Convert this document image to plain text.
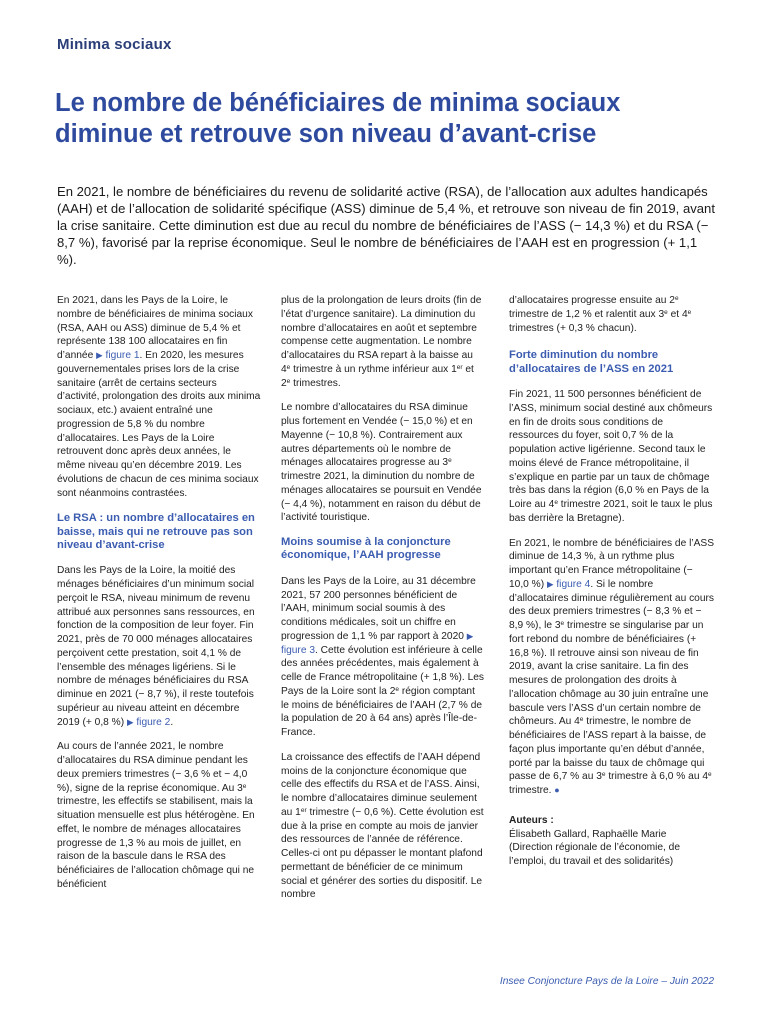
Minima sociaux
Le nombre de bénéficiaires de minima sociaux diminue et retrouve son niveau d’avant-crise

En 2021, le nombre de bénéficiaires du revenu de solidarité active (RSA), de l’allocation aux adultes handicapés (AAH) et de l’allocation de solidarité spécifique (ASS) diminue de 5,4 %, et retrouve son niveau de fin 2019, avant la crise sanitaire. Cette diminution est due au recul du nombre de bénéficiaires de l’ASS (− 14,3 %) et du RSA (− 8,7 %), favorisé par la reprise économique. Seul le nombre de bénéficiaires de l’AAH est en progression (+ 1,1 %).

En 2021, dans les Pays de la Loire, le nombre de bénéficiaires de minima sociaux (RSA, AAH ou ASS) diminue de 5,4 % et représente 138 100 allocataires en fin d’année ▶ figure 1. En 2020, les mesures gouvernementales prises lors de la crise sanitaire (arrêt de certains secteurs d’activité, prolongation des droits aux minima sociaux, etc.) avaient entraîné une progression de 5,8 % du nombre d’allocataires. Les Pays de la Loire retrouvent donc après deux années, le même niveau qu’en décembre 2019. Les évolutions de chacun de ces minima sociaux sont néanmoins contrastées.

Le RSA : un nombre d’allocataires en baisse, mais qui ne retrouve pas son niveau d’avant-crise

Dans les Pays de la Loire, la moitié des ménages bénéficiaires d’un minimum social perçoit le RSA, niveau minimum de revenu attribué aux personnes sans ressources, en fonction de la composition de leur foyer. Fin 2021, près de 70 000 ménages allocataires perçoivent cette prestation, soit 4,1 % de l’ensemble des ménages ligériens. Si le nombre de ménages bénéficiaires du RSA diminue en 2021 (− 8,7 %), il reste toutefois supérieur au niveau atteint en décembre 2019 (+ 0,8 %) ▶ figure 2.

Au cours de l’année 2021, le nombre d’allocataires du RSA diminue pendant les deux premiers trimestres (− 3,6 % et − 4,0 %), signe de la reprise économique. Au 3e trimestre, les effectifs se stabilisent, mais la situation mensuelle est plus hétérogène. En effet, le nombre de ménages allocataires progresse de 1,3 % au mois de juillet, en raison de la bascule dans le RSA des bénéficiaires de l’allocation chômage qui ne bénéficient

plus de la prolongation de leurs droits (fin de l’état d’urgence sanitaire). La diminution du nombre d’allocataires en août et septembre compense cette augmentation. Le nombre d’allocataires du RSA repart à la baisse au 4e trimestre à un rythme inférieur aux 1er et 2e trimestres.

Le nombre d’allocataires du RSA diminue plus fortement en Vendée (− 15,0 %) et en Mayenne (− 10,8 %). Contrairement aux autres départements où le nombre de ménages allocataires progresse au 3e trimestre 2021, la diminution du nombre de ménages allocataires se poursuit en Vendée (− 4,4 %), notamment en raison du début de l’activité touristique.

Moins soumise à la conjoncture économique, l’AAH progresse

Dans les Pays de la Loire, au 31 décembre 2021, 57 200 personnes bénéficient de l’AAH, minimum social soumis à des conditions médicales, soit un chiffre en progression de 1,1 % par rapport à 2020 ▶ figure 3. Cette évolution est inférieure à celle des années précédentes, mais également à celle de France métropolitaine (+ 1,8 %). Les Pays de la Loire sont la 2e région comptant le moins de bénéficiaires de l’AAH (2,7 % de la population de 20 à 64 ans) après l’Île-de-France.

La croissance des effectifs de l’AAH dépend moins de la conjoncture économique que celle des effectifs du RSA et de l’ASS. Ainsi, le nombre d’allocataires diminue seulement au 1er trimestre (− 0,6 %). Cette évolution est due à la prise en compte au mois de janvier des ressources de l’année de référence. Celles-ci ont pu dépasser le montant plafond permettant de bénéficier de ce minimum social et générer des sorties du dispositif. Le nombre

d’allocataires progresse ensuite au 2e trimestre de 1,2 % et ralentit aux 3e et 4e trimestres (+ 0,3 % chacun).

Forte diminution du nombre d’allocataires de l’ASS en 2021

Fin 2021, 11 500 personnes bénéficient de l’ASS, minimum social destiné aux chômeurs en fin de droits sous conditions de ressources du foyer, soit 0,7 % de la population active ligérienne. Second taux le moins élevé de France métropolitaine, il s’explique en partie par un taux de chômage très bas dans la région (6,0 % en Pays de la Loire au 4e trimestre 2021, soit le taux le plus bas derrière la Bretagne).

En 2021, le nombre de bénéficiaires de l’ASS diminue de 14,3 %, à un rythme plus important qu’en France métropolitaine (− 10,0 %) ▶ figure 4. Si le nombre d’allocataires diminue régulièrement au cours des deux premiers trimestres (− 8,3 % et − 8,9 %), le 3e trimestre se singularise par un fort rebond du nombre de bénéficiaires (+ 16,8 %). Il retrouve ainsi son niveau de fin 2019, avant la crise sanitaire. La fin des mesures de prolongation des droits à l’allocation chômage au 30 juin entraîne une bascule vers l’ASS d’un certain nombre de chômeurs. Au 4e trimestre, le nombre de bénéficiaires de l’ASS repart à la baisse, de façon plus importante qu’en début d’année, porté par la baisse du taux de chômage qui passe de 6,7 % au 3e trimestre à 6,0 % au 4e trimestre. ●

Auteurs :
Élisabeth Gallard, Raphaëlle Marie
(Direction régionale de l’économie, de l’emploi, du travail et des solidarités)
Insee Conjoncture Pays de la Loire – Juin 2022
